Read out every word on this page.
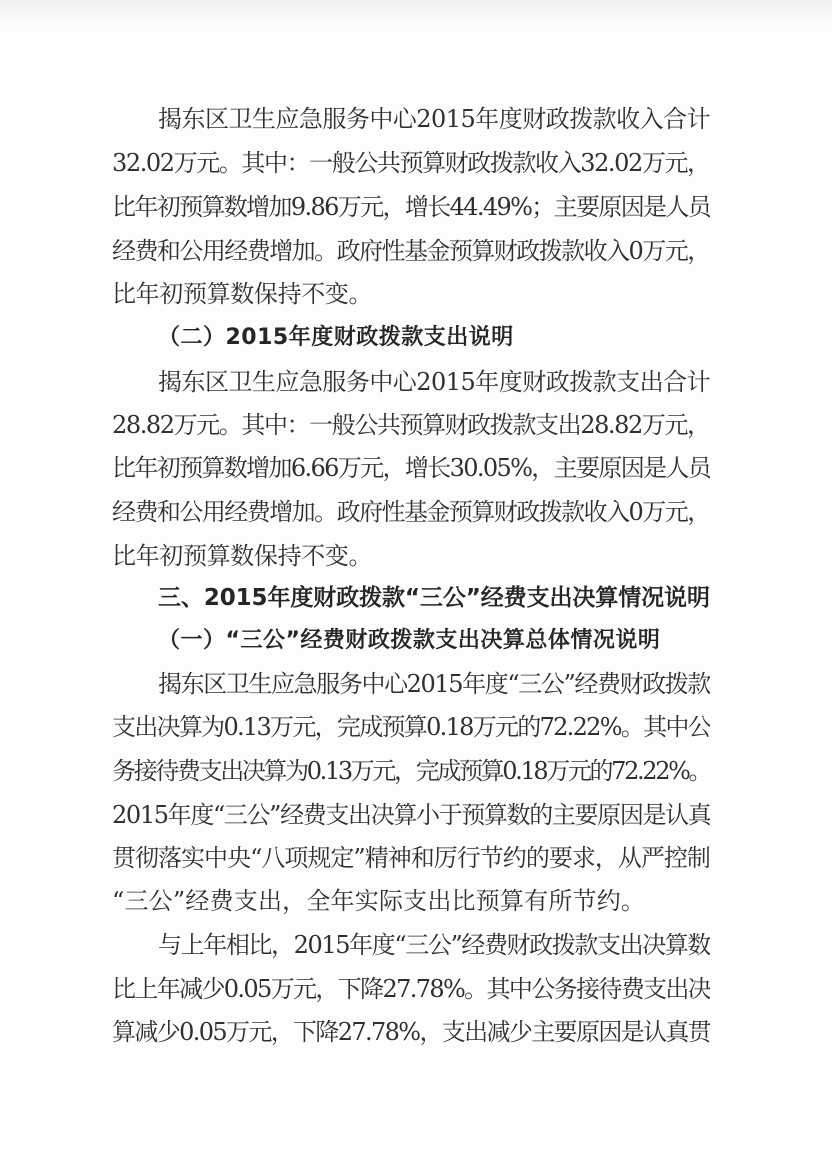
揭东区卫生应急服务中心2015年度财政拨款收入合计
32.02万元。其中：一般公共预算财政拨款收入32.02万元，
比年初预算数增加9.86万元，增长44.49%；主要原因是人员
经费和公用经费增加。政府性基金预算财政拨款收入0万元，
比年初预算数保持不变。
（二）2015年度财政拨款支出说明
揭东区卫生应急服务中心2015年度财政拨款支出合计
28.82万元。其中：一般公共预算财政拨款支出28.82万元，
比年初预算数增加6.66万元，增长30.05%，主要原因是人员
经费和公用经费增加。政府性基金预算财政拨款收入0万元，
比年初预算数保持不变。
三、2015年度财政拨款“三公”经费支出决算情况说明
（一）“三公”经费财政拨款支出决算总体情况说明
揭东区卫生应急服务中心2015年度“三公”经费财政拨款
支出决算为0.13万元，完成预算0.18万元的72.22%。其中公
务接待费支出决算为0.13万元，完成预算0.18万元的72.22%。
2015年度“三公”经费支出决算小于预算数的主要原因是认真
贯彻落实中央“八项规定”精神和厉行节约的要求，从严控制
“三公”经费支出，全年实际支出比预算有所节约。
与上年相比，2015年度“三公”经费财政拨款支出决算数
比上年减少0.05万元，下降27.78%。其中公务接待费支出决
算减少0.05万元，下降27.78%，支出减少主要原因是认真贯
